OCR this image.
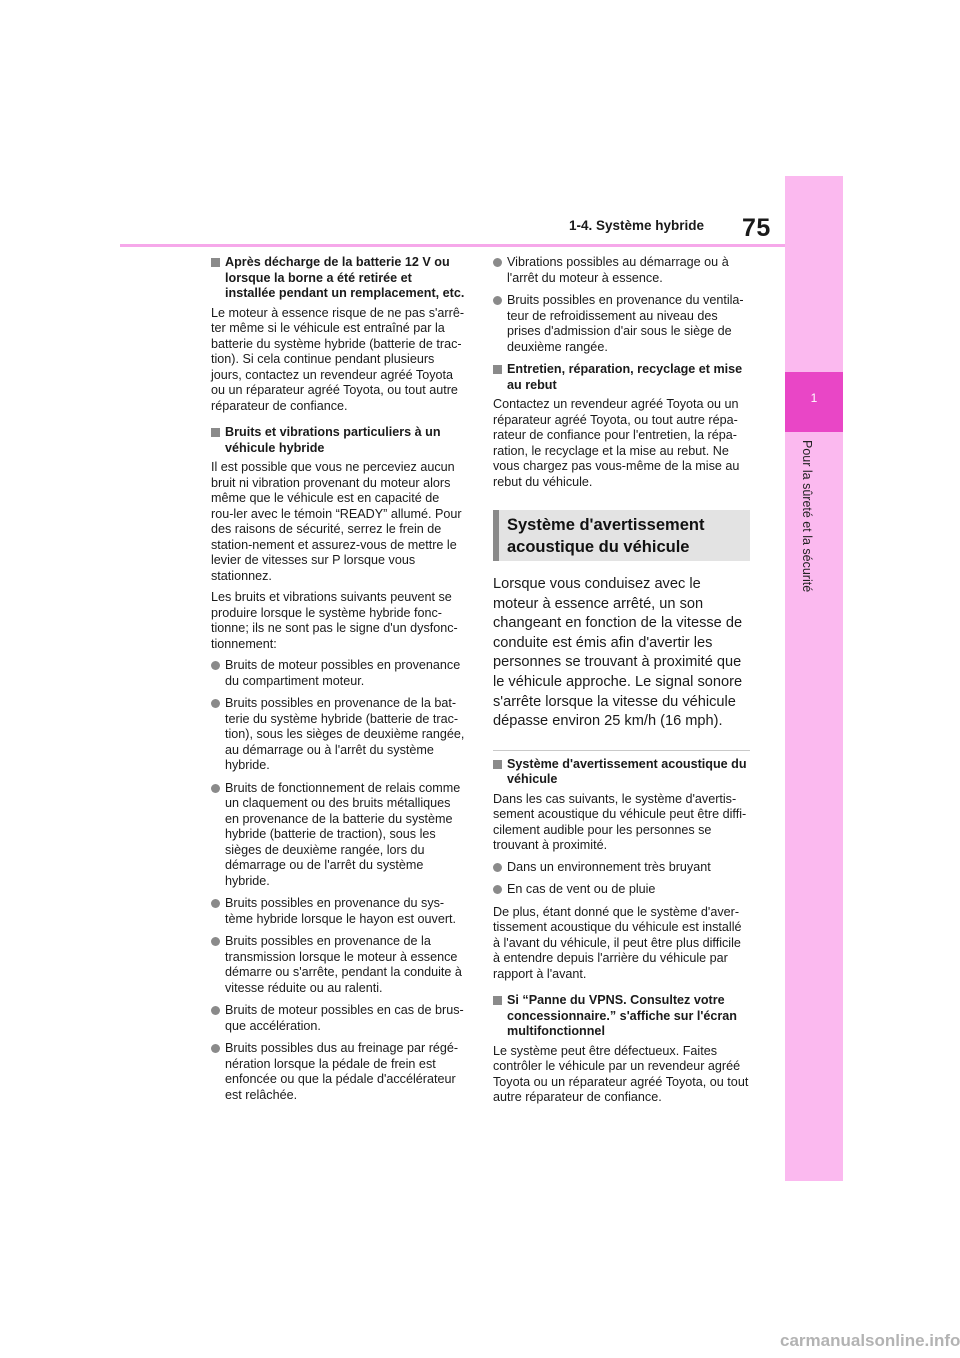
75
1-4. Système hybride
1
Pour la sûreté et la sécurité
Après décharge de la batterie 12 V ou lorsque la borne a été retirée et installée pendant un remplacement, etc.
Le moteur à essence risque de ne pas s'arrê-ter même si le véhicule est entraîné par la batterie du système hybride (batterie de trac-tion). Si cela continue pendant plusieurs jours, contactez un revendeur agréé Toyota ou un réparateur agréé Toyota, ou tout autre réparateur de confiance.
Bruits et vibrations particuliers à un véhicule hybride
Il est possible que vous ne perceviez aucun bruit ni vibration provenant du moteur alors même que le véhicule est en capacité de rou-ler avec le témoin “READY” allumé. Pour des raisons de sécurité, serrez le frein de station-nement et assurez-vous de mettre le levier de vitesses sur P lorsque vous stationnez.
Les bruits et vibrations suivants peuvent se produire lorsque le système hybride fonc-tionne; ils ne sont pas le signe d'un dysfonc-tionnement:
Bruits de moteur possibles en provenance du compartiment moteur.
Bruits possibles en provenance de la bat-terie du système hybride (batterie de trac-tion), sous les sièges de deuxième rangée, au démarrage ou à l'arrêt du système hybride.
Bruits de fonctionnement de relais comme un claquement ou des bruits métalliques en provenance de la batterie du système hybride (batterie de traction), sous les sièges de deuxième rangée, lors du démarrage ou de l'arrêt du système hybride.
Bruits possibles en provenance du sys-tème hybride lorsque le hayon est ouvert.
Bruits possibles en provenance de la transmission lorsque le moteur à essence démarre ou s'arrête, pendant la conduite à vitesse réduite ou au ralenti.
Bruits de moteur possibles en cas de brus-que accélération.
Bruits possibles dus au freinage par régé-nération lorsque la pédale de frein est enfoncée ou que la pédale d'accélérateur est relâchée.
Vibrations possibles au démarrage ou à l'arrêt du moteur à essence.
Bruits possibles en provenance du ventila-teur de refroidissement au niveau des prises d'admission d'air sous le siège de deuxième rangée.
Entretien, réparation, recyclage et mise au rebut
Contactez un revendeur agréé Toyota ou un réparateur agréé Toyota, ou tout autre répa-rateur de confiance pour l'entretien, la répa-ration, le recyclage et la mise au rebut. Ne vous chargez pas vous-même de la mise au rebut du véhicule.
Système d'avertissement
acoustique du véhicule
Lorsque vous conduisez avec le moteur à essence arrêté, un son changeant en fonction de la vitesse de conduite est émis afin d'avertir les personnes se trouvant à proximité que le véhicule approche. Le signal sonore s'arrête lorsque la vitesse du véhicule dépasse environ 25 km/h (16 mph).
Système d'avertissement acoustique du véhicule
Dans les cas suivants, le système d'avertis-sement acoustique du véhicule peut être diffi-cilement audible pour les personnes se trouvant à proximité.
Dans un environnement très bruyant
En cas de vent ou de pluie
De plus, étant donné que le système d'aver-tissement acoustique du véhicule est installé à l'avant du véhicule, il peut être plus difficile à entendre depuis l'arrière du véhicule par rapport à l'avant.
Si “Panne du VPNS. Consultez votre concessionnaire.” s'affiche sur l'écran multifonctionnel
Le système peut être défectueux. Faites contrôler le véhicule par un revendeur agréé Toyota ou un réparateur agréé Toyota, ou tout autre réparateur de confiance.
carmanualsonline.info
